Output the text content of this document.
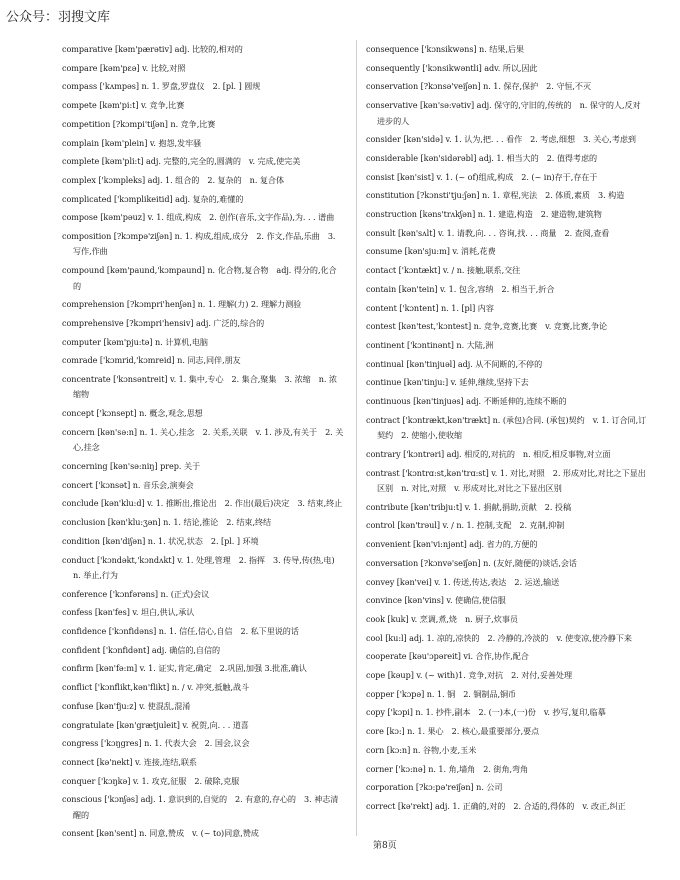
公众号：羽搜文库
comparative [kəm'pærətiv] adj. 比较的,相对的
compare [kəm'pɛə] v. 比较,对照
compass ['kʌmpəs] n. 1. 罗盘,罗盘仪　2. [pl. ] 圆规
compete [kəm'pi:t] v. 竞争,比赛
competition [?kɔmpi'tiʃən] n. 竞争,比赛
complain [kəm'plein] v. 抱怨,发牢骚
complete [kəm'pli:t] adj. 完整的,完全的,圆满的　v. 完成,使完美
complex ['kɔmpleks] adj. 1. 组合的　2. 复杂的　n. 复合体
complicated ['kɔmplikeitid] adj. 复杂的,难懂的
compose [kəm'pəuz] v. 1. 组成,构成　2. 创作(音乐,文字作品),为. . . 谱曲
composition [?kɔmpə'ziʃən] n. 1. 构成,组成,成分　2. 作文,作品,乐曲　3. 写作,作曲
compound [kəm'paund,'kɔmpaund] n. 化合物,复合物　adj. 得分的,化合的
comprehension [?kɔmpri'henʃən] n. 1. 理解(力) 2. 理解力测验
comprehensive [?kɔmpri'hensiv] adj. 广泛的,综合的
computer [kəm'pju:tə] n. 计算机,电脑
comrade ['kɔmrid,'kɔmreid] n. 同志,同伴,朋友
concentrate ['kɔnsəntreit] v. 1. 集中,专心　2. 集合,聚集　3. 浓缩　n. 浓缩物
concept ['kɔnsept] n. 概念,观念,思想
concern [kən'sə:n] n. 1. 关心,挂念　2. 关系,关联　v. 1. 涉及,有关于　2. 关心,挂念
concerning [kən'sə:niŋ] prep. 关于
concert ['kɔnsət] n. 音乐会,演奏会
conclude [kən'klu:d] v. 1. 推断出,推论出　2. 作出(最后)决定　3. 结束,终止
conclusion [kən'klu:ʒən] n. 1. 结论,推论　2. 结束,终结
condition [kən'diʃən] n. 1. 状况,状态　2. [pl. ] 环境
conduct ['kɔndəkt,'kɔndʌkt] v. 1. 处理,管理　2. 指挥　3. 传导,传(热,电) n. 举止,行为
conference ['kɔnfərəns] n. (正式)会议
confess [kən'fes] v. 坦白,供认,承认
confidence ['kɔnfidəns] n. 1. 信任,信心,自信　2. 私下里说的话
confident ['kɔnfidənt] adj. 确信的,自信的
confirm [kən'fə:m] v. 1. 证实,肯定,确定　2.巩固,加强 3.批准,确认
conflict ['kɔnflikt,kən'flikt] n. / v. 冲突,抵触,战斗
confuse [kən'fju:z] v. 使混乱,混淆
congratulate [kən'grætjuleit] v. 祝贺,向. . . 道喜
congress ['kɔŋgres] n. 1. 代表大会　2. 国会,议会
connect [kə'nekt] v. 连接,连结,联系
conquer ['kɔŋkə] v. 1. 攻克,征服　2. 破除,克服
conscious ['kɔnʃəs] adj. 1. 意识到的,自觉的　2. 有意的,存心的　3. 神志清醒的
consent [kən'sent] n. 同意,赞成　v. (~ to)同意,赞成
consequence ['kɔnsikwəns] n. 结果,后果
consequently ['kɔnsikwəntli] adv. 所以,因此
conservation [?kɔnsə'veiʃən] n. 1. 保存,保护　2. 守恒,不灭
conservative [kən'sə:vətiv] adj. 保守的,守旧的,传统的　n. 保守的人,反对进步的人
consider [kən'sidə] v. 1. 认为,把. . . 看作　2. 考虑,细想　3. 关心,考虑到
considerable [kən'sidərəbl] adj. 1. 相当大的　2. 值得考虑的
consist [kən'sist] v. 1. (~ of)组成,构成　2. (~ in)存于,存在于
constitution [?kɔnsti'tju:ʃən] n. 1. 章程,宪法　2. 体质,素质　3. 构造
construction [kəns'trʌkʃən] n. 1. 建造,构造　2. 建造物,建筑物
consult [kən'sʌlt] v. 1. 请教,向. . . 咨询,找. . . 商量　2. 查阅,查看
consume [kən'sju:m] v. 消耗,花费
contact ['kɔntækt] v. / n. 接触,联系,交往
contain [kən'tein] v. 1. 包含,容纳　2. 相当于,折合
content ['kɔntent] n. 1. [pl] 内容
contest [kən'test,'kɔntest] n. 竞争,竞赛,比赛　v. 竞赛,比赛,争论
continent ['kɔntinənt] n. 大陆,洲
continual [kən'tinjuəl] adj. 从不间断的,不停的
continue [kən'tinju:] v. 延伸,继续,坚持下去
continuous [kən'tinjuəs] adj. 不断延伸的,连续不断的
contract ['kɔntrækt,kən'trækt] n. (承包)合同. (承包)契约　v. 1. 订合同,订契约　2. 使缩小,使收缩
contrary ['kɔntrəri] adj. 相反的,对抗的　n. 相反,相反事物,对立面
contrast ['kɔntrɑ:st,kən'trɑ:st] v. 1. 对比,对照　2. 形成对比,对比之下显出区别　n. 对比,对照　v. 形成对比,对比之下显出区别
contribute [kən'tribju:t] v. 1. 捐献,捐助,贡献　2. 投稿
control [kən'trəul] v. / n. 1. 控制,支配　2. 克制,抑制
convenient [kən'vi:njənt] adj. 省力的,方便的
conversation [?kɔnvə'seiʃən] n. (友好,随便的)谈话,会话
convey [kən'vei] v. 1. 传送,传达,表达　2. 运送,输送
convince [kən'vins] v. 使确信,使信服
cook [kuk] v. 烹调,煮,烧　n. 厨子,炊事员
cool [ku:l] adj. 1. 凉的,凉快的　2. 冷静的,冷淡的　v. 使变凉,使冷静下来
cooperate [kəu'ɔpəreit] vi. 合作,协作,配合
cope [kəup] v. (~ with)1. 竞争,对抗　2. 对付,妥善处理
copper ['kɔpə] n. 1. 铜　2. 铜制品,铜币
copy ['kɔpi] n. 1. 抄件,副本　2. (一)本,(一)份　v. 抄写,复印,临摹
core [kɔ:] n. 1. 果心　2. 核心,最重要部分,要点
corn [kɔ:n] n. 谷物,小麦,玉米
corner ['kɔ:nə] n. 1. 角,墙角　2. 街角,弯角
corporation [?kɔ:pə'reiʃən] n. 公司
correct [kə'rekt] adj. 1. 正确的,对的　2. 合适的,得体的　v. 改正,纠正
第8页
